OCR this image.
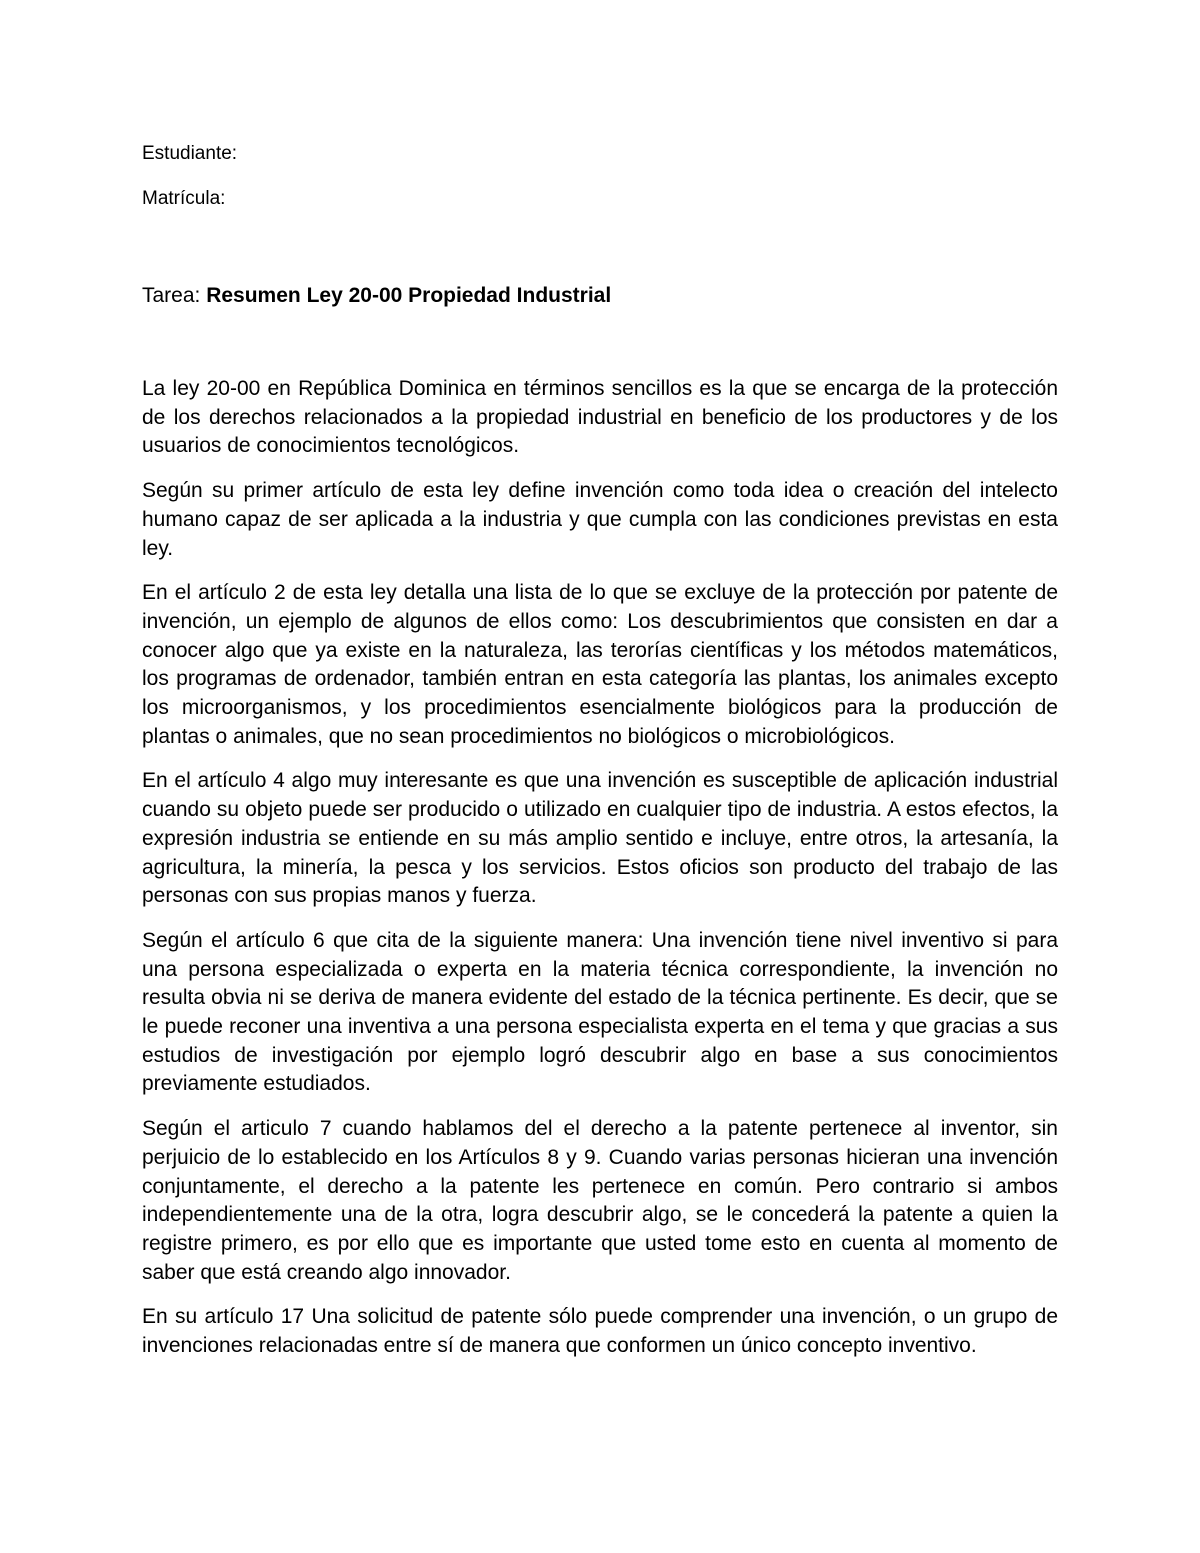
Estudiante:

Matrícula:

Tarea: Resumen Ley 20-00 Propiedad Industrial

La ley 20-00 en República Dominica en términos sencillos es la que se encarga de la protección de los derechos relacionados a la propiedad industrial en beneficio de los productores y de los usuarios de conocimientos tecnológicos.

Según su primer artículo de esta ley define invención como toda idea o creación del intelecto humano capaz de ser aplicada a la industria y que cumpla con las condiciones previstas en esta ley.

En el artículo 2 de esta ley detalla una lista de lo que se excluye de la protección por patente de invención, un ejemplo de algunos de ellos como: Los descubrimientos que consisten en dar a conocer algo que ya existe en la naturaleza, las terorías científicas y los métodos matemáticos, los programas de ordenador, también entran en esta categoría las plantas, los animales excepto los microorganismos, y los procedimientos esencialmente biológicos para la producción de plantas o animales, que no sean procedimientos no biológicos o microbiológicos.

En el artículo 4 algo muy interesante es que una invención es susceptible de aplicación industrial cuando su objeto puede ser producido o utilizado en cualquier tipo de industria. A estos efectos, la expresión industria se entiende en su más amplio sentido e incluye, entre otros, la artesanía, la agricultura, la minería, la pesca y los servicios. Estos oficios son producto del trabajo de las personas con sus propias manos y fuerza.

Según el artículo 6 que cita de la siguiente manera: Una invención tiene nivel inventivo si para una persona especializada o experta en la materia técnica correspondiente, la invención no resulta obvia ni se deriva de manera evidente del estado de la técnica pertinente. Es decir, que se le puede reconer una inventiva a una persona especialista experta en el tema y que gracias a sus estudios de investigación por ejemplo logró descubrir algo en base a sus conocimientos previamente estudiados.

Según el articulo 7 cuando hablamos del el derecho a la patente pertenece al inventor, sin perjuicio de lo establecido en los Artículos 8 y 9. Cuando varias personas hicieran una invención conjuntamente, el derecho a la patente les pertenece en común. Pero contrario si ambos independientemente una de la otra, logra descubrir algo, se le concederá la patente a quien la registre primero, es por ello que es importante que usted tome esto en cuenta al momento de saber que está creando algo innovador.

En su artículo 17 Una solicitud de patente sólo puede comprender una invención, o un grupo de invenciones relacionadas entre sí de manera que conformen un único concepto inventivo.
